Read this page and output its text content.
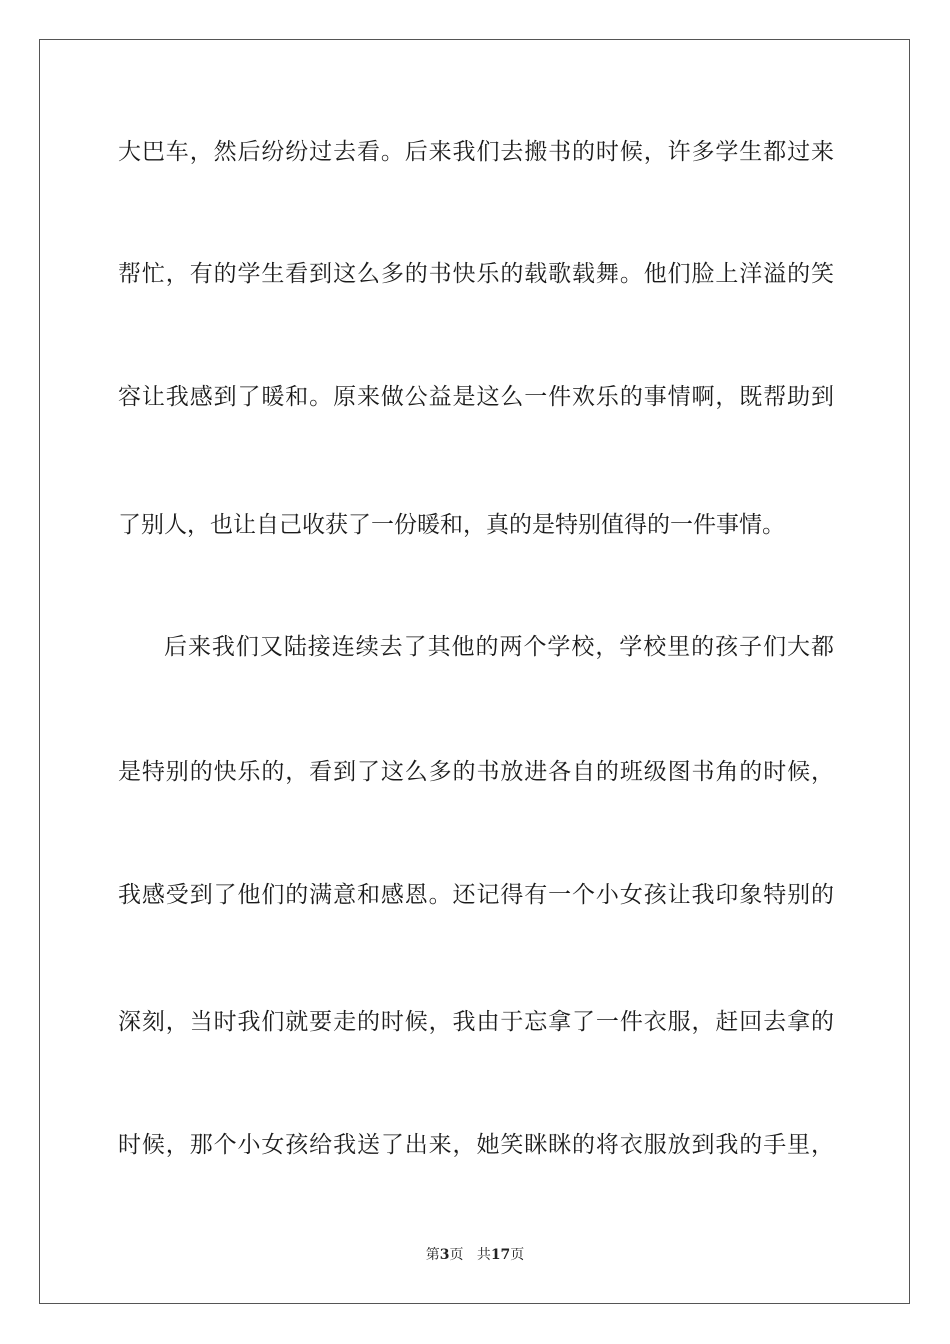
大巴车，然后纷纷过去看。后来我们去搬书的时候，许多学生都过来
帮忙，有的学生看到这么多的书快乐的载歌载舞。他们脸上洋溢的笑
容让我感到了暖和。原来做公益是这么一件欢乐的事情啊，既帮助到
了别人，也让自己收获了一份暖和，真的是特别值得的一件事情。
后来我们又陆接连续去了其他的两个学校，学校里的孩子们大都
是特别的快乐的，看到了这么多的书放进各自的班级图书角的时候，
我感受到了他们的满意和感恩。还记得有一个小女孩让我印象特别的
深刻，当时我们就要走的时候，我由于忘拿了一件衣服，赶回去拿的
时候，那个小女孩给我送了出来，她笑眯眯的将衣服放到我的手里，
第3页 共17页
